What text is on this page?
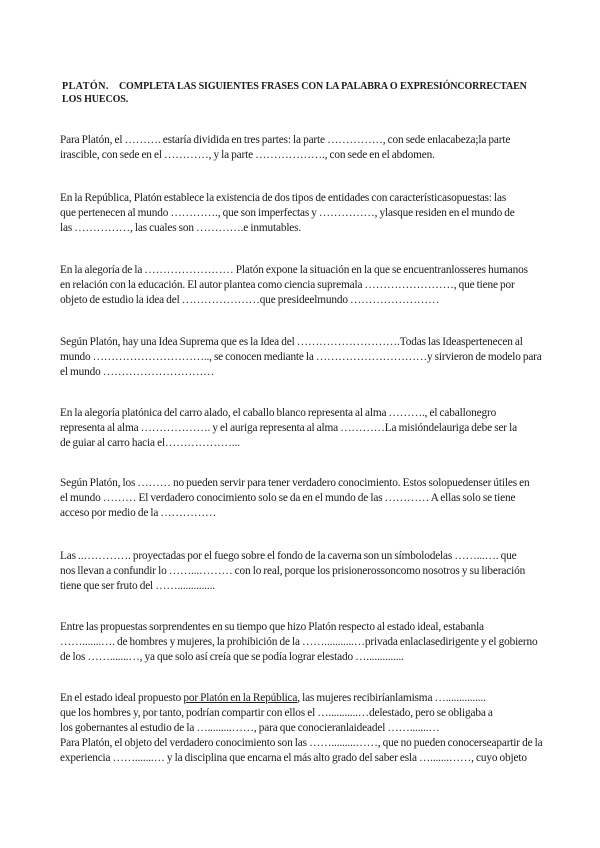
PLATÓN. COMPLETA LAS SIGUIENTES FRASES CON LA PALABRA O EXPRESIÓNCORRECTAEN
LOS HUECOS.
Para Platón, el ………. estaría dividida en tres partes: la parte ……………, con sede enlacabeza;la parte
irascible, con sede en el …………, y la parte ………………., con sede en el abdomen.
En la República, Platón establece la existencia de dos tipos de entidades con característicasopuestas: las
que pertenecen al mundo …………., que son imperfectas y ……………, ylasque residen en el mundo de
las ……………, las cuales son ………….e inmutables.
En la alegoría de la …………………… Platón expone la situación en la que se encuentranlosseres humanos
en relación con la educación. El autor plantea como ciencia supremala ……………………, que tiene por
objeto de estudio la idea del …………………que presideelmundo ……………………
Según Platón, hay una Idea Suprema que es la Idea del ……………………….Todas las Ideaspertenecen al
mundo ………………………….., se conocen mediante la …………………………y sirvieron de modelo para
el mundo …………………………
En la alegoría platónica del carro alado, el caballo blanco representa al alma ………., el caballonegro
representa al alma ………………. y el auriga representa al alma …………La misióndelauriga debe ser la
de guiar al carro hacia el………………...
Según Platón, los ……… no pueden servir para tener verdadero conocimiento. Estos solopuedenser útiles en
el mundo ……… El verdadero conocimiento solo se da en el mundo de las ………… A ellas solo se tiene
acceso por medio de la ……………
Las ..…………. proyectadas por el fuego sobre el fondo de la caverna son un símbolodelas ……...…. que
nos llevan a confundir lo ……...……… con lo real, porque los prisionerossoncomo nosotros y su liberación
tiene que ser fruto del ……..............
Entre las propuestas sorprendentes en su tiempo que hizo Platón respecto al estado ideal, estabanla
…….......…. de hombres y mujeres, la prohibición de la ……...........…privada enlaclasedirigente y el gobierno
de los …….......…, ya que solo así creía que se podía lograr elestado …..............
En el estado ideal propuesto por Platón en la República, las mujeres recibiríanlamisma …...............
que los hombres y, por tanto, podrían compartir con ellos el …...........…delestado, pero se obligaba a
los gobernantes al estudio de la ….........……, para que conocieranlaideadel …….......…
Para Platón, el objeto del verdadero conocimiento son las …….........……, que no pueden conocerseapartir de la
experiencia …….......… y la disciplina que encarna el más alto grado del saber esla ….......……, cuyo objeto
